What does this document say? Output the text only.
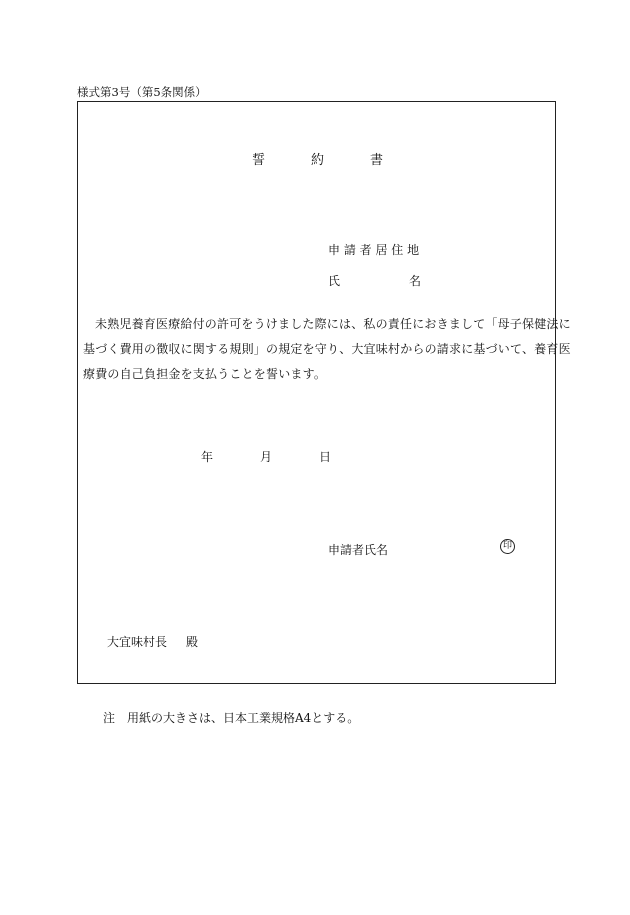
様式第3号（第5条関係）
誓	約	書
申 請 者 居 住 地
氏	名
未熟児養育医療給付の許可をうけました際には、私の責任におきまして「母子保健法に
基づく費用の徴収に関する規則」の規定を守り、大宜味村からの請求に基づいて、養育医
療費の自己負担金を支払うことを誓います。
年	月	日
申請者氏名	印
大宜味村長 殿
注　用紙の大きさは、日本工業規格A4とする。
